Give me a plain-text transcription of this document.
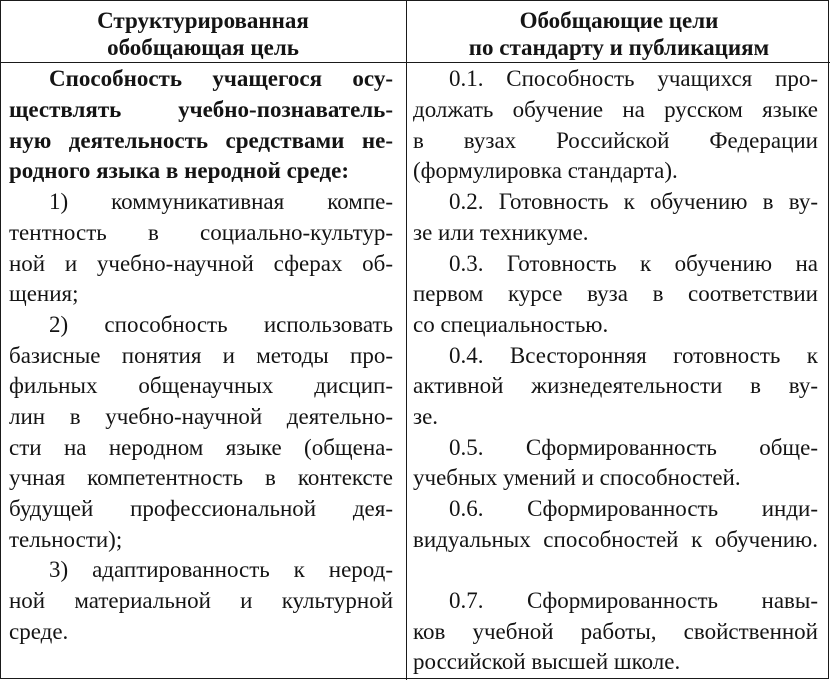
Структурированная
обобщающая цель
Обобщающие цели
по стандарту и публикациям
Способность учащегося осу-
ществлять учебно-познаватель-
ную деятельность средствами не-
родного языка в неродной среде:
1) коммуникативная компе-
тентность в социально-культур-
ной и учебно-научной сферах об-
щения;
2) способность использовать
базисные понятия и методы про-
фильных общенаучных дисцип-
лин в учебно-научной деятельно-
сти на неродном языке (общена-
учная компетентность в контексте
будущей профессиональной дея-
тельности);
3) адаптированность к нерод-
ной материальной и культурной
среде.
0.1. Способность учащихся про-
должать обучение на русском языке
в вузах Российской Федерации
(формулировка стандарта).
0.2. Готовность к обучению в ву-
зе или техникуме.
0.3. Готовность к обучению на
первом курсе вуза в соответствии
со специальностью.
0.4. Всесторонняя готовность к
активной жизнедеятельности в ву-
зе.
0.5. Сформированность обще-
учебных умений и способностей.
0.6. Сформированность инди-
видуальных способностей к обучению.
0.7. Сформированность навы-
ков учебной работы, свойственной
российской высшей школе.
